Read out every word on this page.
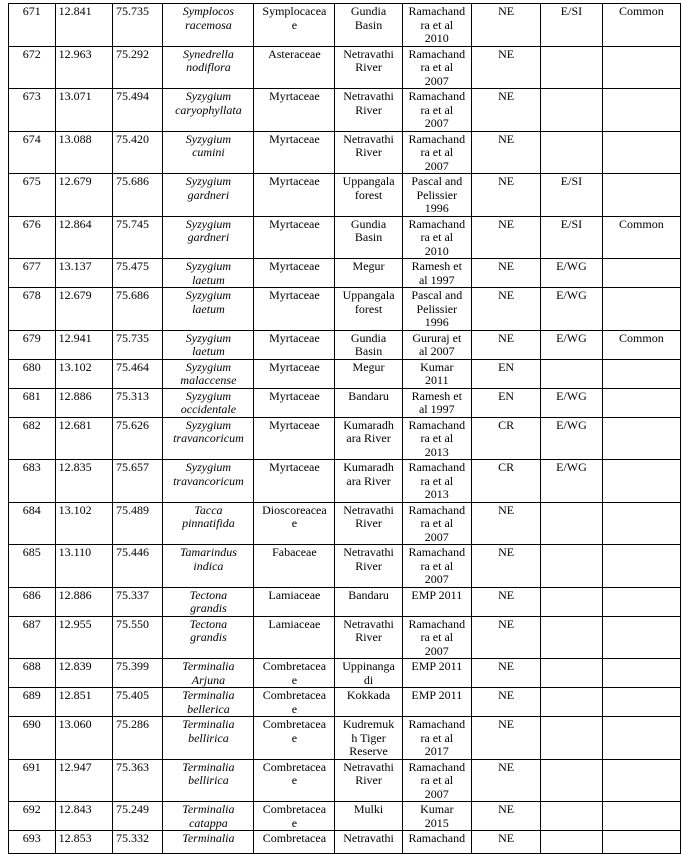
671	12.841	75.735	Symplocos
racemosa	Symplocacea
e	Gundia
Basin	Ramachand
ra et al
2010	NE	E/SI	Common
672	12.963	75.292	Synedrella
nodiflora	Asteraceae	Netravathi
River	Ramachand
ra et al
2007	NE		
673	13.071	75.494	Syzygium
caryophyllata	Myrtaceae	Netravathi
River	Ramachand
ra et al
2007	NE		
674	13.088	75.420	Syzygium
cumini	Myrtaceae	Netravathi
River	Ramachand
ra et al
2007	NE		
675	12.679	75.686	Syzygium
gardneri	Myrtaceae	Uppangala
forest	Pascal and
Pelissier
1996	NE	E/SI	
676	12.864	75.745	Syzygium
gardneri	Myrtaceae	Gundia
Basin	Ramachand
ra et al
2010	NE	E/SI	Common
677	13.137	75.475	Syzygium
laetum	Myrtaceae	Megur	Ramesh et
al 1997	NE	E/WG	
678	12.679	75.686	Syzygium
laetum	Myrtaceae	Uppangala
forest	Pascal and
Pelissier
1996	NE	E/WG	
679	12.941	75.735	Syzygium
laetum	Myrtaceae	Gundia
Basin	Gururaj et
al 2007	NE	E/WG	Common
680	13.102	75.464	Syzygium
malaccense	Myrtaceae	Megur	Kumar
2011	EN		
681	12.886	75.313	Syzygium
occidentale	Myrtaceae	Bandaru	Ramesh et
al 1997	EN	E/WG	
682	12.681	75.626	Syzygium
travancoricum	Myrtaceae	Kumaradh
ara River	Ramachand
ra et al
2013	CR	E/WG	
683	12.835	75.657	Syzygium
travancoricum	Myrtaceae	Kumaradh
ara River	Ramachand
ra et al
2013	CR	E/WG	
684	13.102	75.489	Tacca
pinnatifida	Dioscoreacea
e	Netravathi
River	Ramachand
ra et al
2007	NE		
685	13.110	75.446	Tamarindus
indica	Fabaceae	Netravathi
River	Ramachand
ra et al
2007	NE		
686	12.886	75.337	Tectona
grandis	Lamiaceae	Bandaru	EMP 2011	NE		
687	12.955	75.550	Tectona
grandis	Lamiaceae	Netravathi
River	Ramachand
ra et al
2007	NE		
688	12.839	75.399	Terminalia
Arjuna	Combretacea
e	Uppinanga
di	EMP 2011	NE		
689	12.851	75.405	Terminalia
bellerica	Combretacea
e	Kokkada	EMP 2011	NE		
690	13.060	75.286	Terminalia
bellirica	Combretacea
e	Kudremuk
h Tiger
Reserve	Ramachand
ra et al
2017	NE		
691	12.947	75.363	Terminalia
bellirica	Combretacea
e	Netravathi
River	Ramachand
ra et al
2007	NE		
692	12.843	75.249	Terminalia
catappa	Combretacea
e	Mulki	Kumar
2015	NE		
693	12.853	75.332	Terminalia	Combretacea	Netravathi	Ramachand	NE		
